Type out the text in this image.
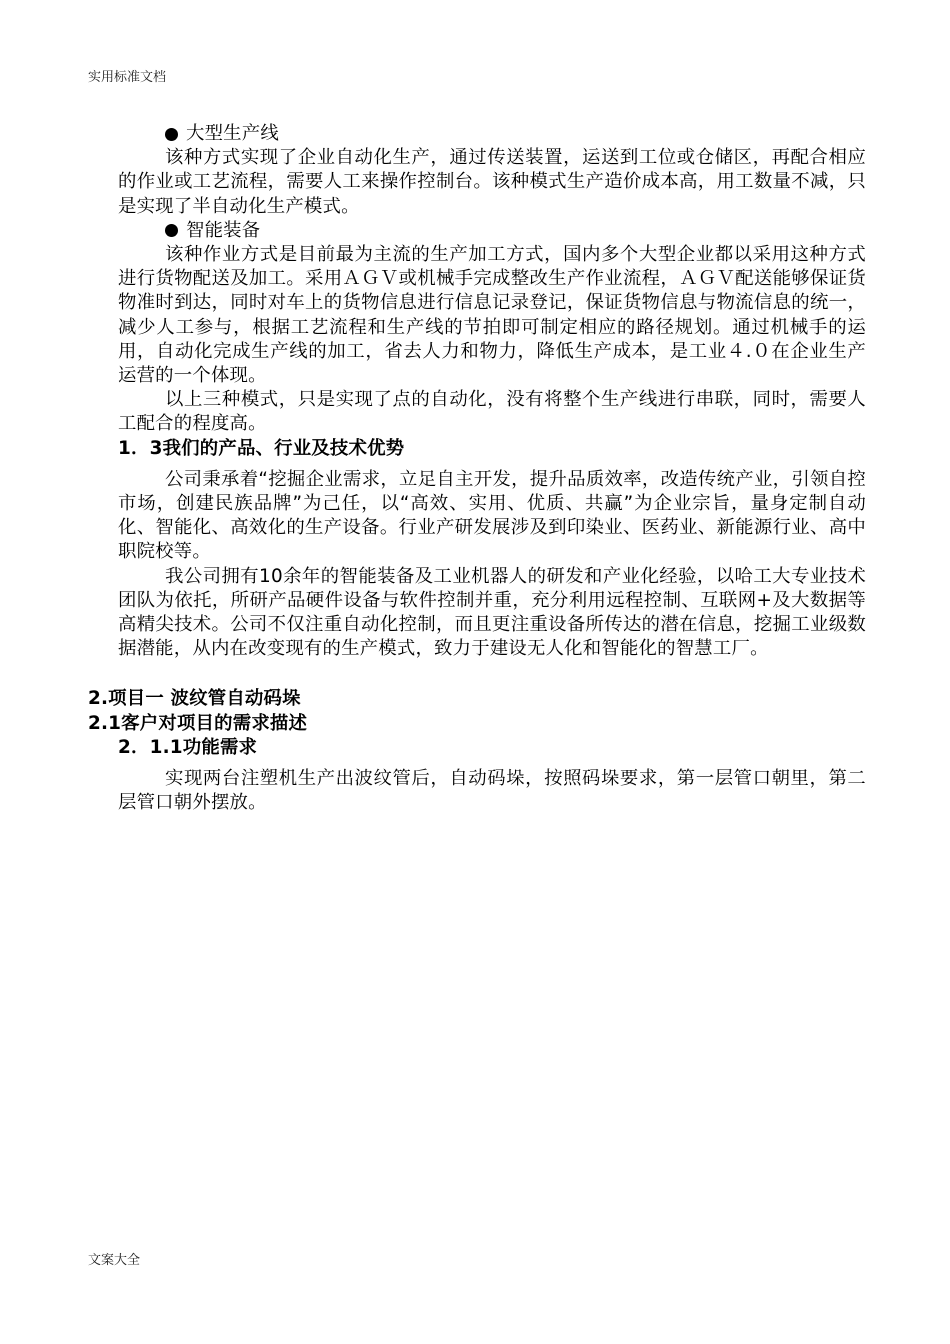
实用标准文档
大型生产线

该种方式实现了企业自动化生产，通过传送装置，运送到工位或仓储区，再配合相应的作业或工艺流程，需要人工来操作控制台。该种模式生产造价成本高，用工数量不减，只是实现了半自动化生产模式。

智能装备

该种作业方式是目前最为主流的生产加工方式，国内多个大型企业都以采用这种方式进行货物配送及加工。采用ＡＧＶ或机械手完成整改生产作业流程，ＡＧＶ配送能够保证货物准时到达，同时对车上的货物信息进行信息记录登记，保证货物信息与物流信息的统一，减少人工参与，根据工艺流程和生产线的节拍即可制定相应的路径规划。通过机械手的运用，自动化完成生产线的加工，省去人力和物力，降低生产成本，是工业４.０在企业生产运营的一个体现。

以上三种模式，只是实现了点的自动化，没有将整个生产线进行串联，同时，需要人工配合的程度高。

1．3我们的产品、行业及技术优势

公司秉承着“挖掘企业需求，立足自主开发，提升品质效率，改造传统产业，引领自控市场，创建民族品牌”为己任，以“高效、实用、优质、共赢”为企业宗旨，量身定制自动化、智能化、高效化的生产设备。行业产研发展涉及到印染业、医药业、新能源行业、高中职院校等。

我公司拥有10余年的智能装备及工业机器人的研发和产业化经验，以哈工大专业技术团队为依托，所研产品硬件设备与软件控制并重，充分利用远程控制、互联网+及大数据等高精尖技术。公司不仅注重自动化控制，而且更注重设备所传达的潜在信息，挖掘工业级数据潜能，从内在改变现有的生产模式，致力于建设无人化和智能化的智慧工厂。

2.项目一 波纹管自动码垛
2.1客户对项目的需求描述
2．1.1功能需求

实现两台注塑机生产出波纹管后，自动码垛，按照码垛要求，第一层管口朝里，第二层管口朝外摆放。

文案大全
